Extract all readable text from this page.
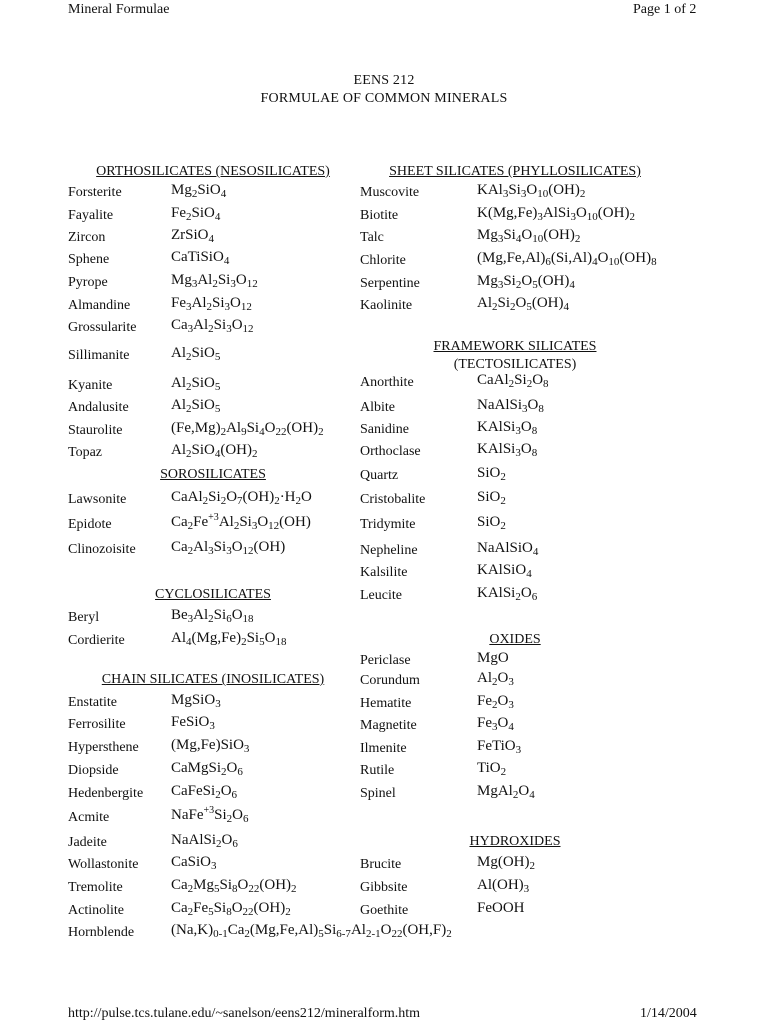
Mineral Formulae	Page 1 of 2
EENS 212
FORMULAE OF COMMON MINERALS
ORTHOSILICATES (NESOSILICATES)
SOROSILICATES
CYCLOSILICATES
CHAIN SILICATES (INOSILICATES)
SHEET SILICATES (PHYLLOSILICATES)
FRAMEWORK SILICATES
(TECTOSILICATES)
OXIDES
HYDROXIDES
Forsterite	$Mg_2SiO_4$
Fayalite	$Fe_2SiO_4$
Zircon	ZrSiO$_4$
Sphene	CaTiSiO$_4$
Pyrope	$Mg_3Al_2Si_3O_{12}$
Almandine	$Fe_3Al_2Si_3O_{12}$
Grossularite $Ca_3Al_2Si_3O_{12}$
Sillimanite	$Al_2SiO_5$
Kyanite	$Al_2SiO_5$
Andalusite	$Al_2SiO_5$
Staurolite	$(Fe,Mg)_2Al_9Si_4O_{22}(OH)_2$
Topaz	$Al_2SiO_4(OH)_2$
Lawsonite	$CaAl_2Si_2O_7(OH)_2\cdot H_2O$
Epidote	$Ca_2Fe^{+3}Al_2Si_3O_{12}(OH)$
Clinozoisite $Ca_2Al_3Si_3O_{12}(OH)$
Beryl	$Be_3Al_2Si_6O_{18}$
Cordierite	$Al_4(Mg,Fe)_2Si_5O_{18}$
Enstatite	MgSiO$_3$
Ferrosilite	FeSiO$_3$
Hypersthene (Mg,Fe)SiO$_3$
Diopside	$CaMgSi_2O_6$
Hedenbergite $CaFeSi_2O_6$
Acmite	$NaFe^{+3}Si_2O_6$
Jadeite	$NaAlSi_2O_6$
Wollastonite CaSiO$_3$
Tremolite	$Ca_2Mg_5Si_8O_{22}(OH)_2$
Actinolite	$Ca_2Fe_5Si_8O_{22}(OH)_2$
Hornblende $(Na,K)_{0-1}Ca_2(Mg,Fe,Al)_5Si_{6-7}Al_{2-1}O_{22}(OH,F)_2$
Muscovite	$KAl_3Si_3O_{10}(OH)_2$
Biotite	$K(Mg,Fe)_3AlSi_3O_{10}(OH)_2$
Talc	$Mg_3Si_4O_{10}(OH)_2$
Chlorite	$(Mg,Fe,Al)_6(Si,Al)_4O_{10}(OH)_8$
Serpentine	$Mg_3Si_2O_5(OH)_4$
Kaolinite	$Al_2Si_2O_5(OH)_4$
Anorthite	$CaAl_2Si_2O_8$
Albite	$NaAlSi_3O_8$
Sanidine	$KAlSi_3O_8$
Orthoclase	$KAlSi_3O_8$
Quartz	SiO$_2$
Cristobalite	SiO$_2$
Tridymite	SiO$_2$
Nepheline	NaAlSiO$_4$
Kalsilite	KAlSiO$_4$
Leucite	$KAlSi_2O_6$
Periclase	MgO
Corundum	$Al_2O_3$
Hematite	$Fe_2O_3$
Magnetite	$Fe_3O_4$
Ilmenite	FeTiO$_3$
Rutile	TiO$_2$
Spinel	$MgAl_2O_4$
Brucite	$Mg(OH)_2$
Gibbsite	$Al(OH)_3$
Goethite	FeOOH
http://pulse.tcs.tulane.edu/~sanelson/eens212/mineralform.htm	1/14/2004
